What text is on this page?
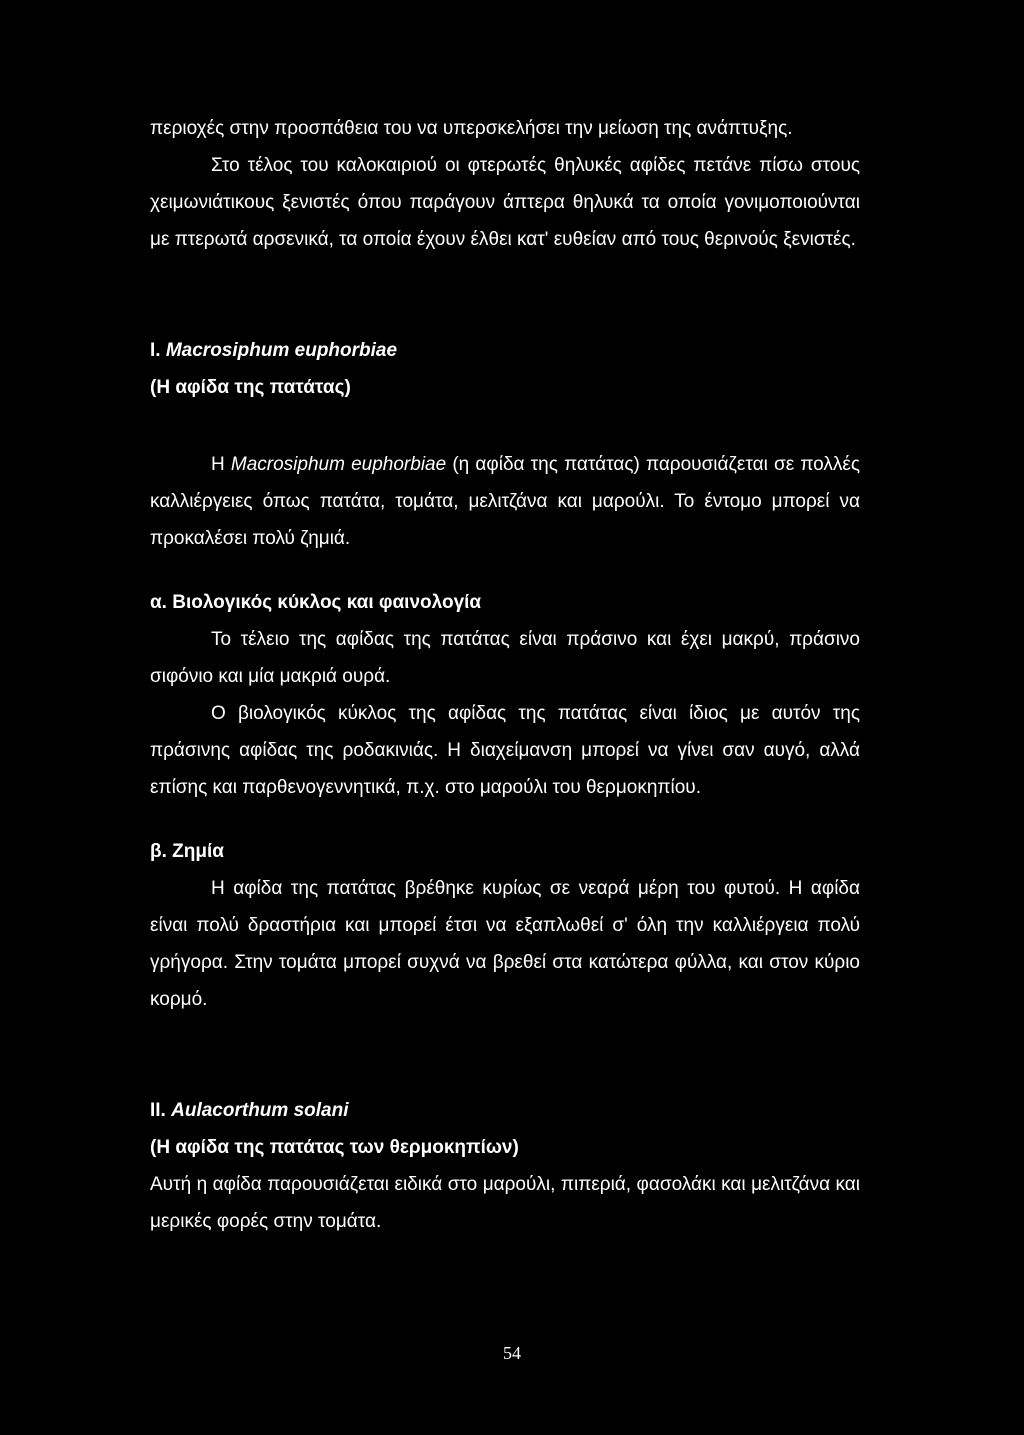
περιοχές στην προσπάθεια του να υπερσκελήσει την μείωση της ανάπτυξης.

Στο τέλος του καλοκαιριού οι φτερωτές θηλυκές αφίδες πετάνε πίσω στους χειμωνιάτικους ξενιστές όπου παράγουν άπτερα θηλυκά τα οποία γονιμοποιούνται με πτερωτά αρσενικά, τα οποία έχουν έλθει κατ' ευθείαν από τους θερινούς ξενιστές.

I. Macrosiphum euphorbiae

(Η αφίδα της πατάτας)

Η Macrosiphum euphorbiae (η αφίδα της πατάτας) παρουσιάζεται σε πολλές καλλιέργειες όπως πατάτα, τομάτα, μελιτζάνα και μαρούλι. Το έντομο μπορεί να προκαλέσει πολύ ζημιά.

α. Βιολογικός κύκλος και φαινολογία

Το τέλειο της αφίδας της πατάτας είναι πράσινο και έχει μακρύ, πράσινο σιφόνιο και μία μακριά ουρά.

Ο βιολογικός κύκλος της αφίδας της πατάτας είναι ίδιος με αυτόν της πράσινης αφίδας της ροδακινιάς. Η διαχείμανση μπορεί να γίνει σαν αυγό, αλλά επίσης και παρθενογεννητικά, π.χ. στο μαρούλι του θερμοκηπίου.

β. Ζημία

Η αφίδα της πατάτας βρέθηκε κυρίως σε νεαρά μέρη του φυτού. Η αφίδα είναι πολύ δραστήρια και μπορεί έτσι να εξαπλωθεί σ' όλη την καλλιέργεια πολύ γρήγορα. Στην τομάτα μπορεί συχνά να βρεθεί στα κατώτερα φύλλα, και στον κύριο κορμό.

II. Aulacorthum solani

(Η αφίδα της πατάτας των θερμοκηπίων)

Αυτή η αφίδα παρουσιάζεται ειδικά στο μαρούλι, πιπεριά, φασολάκι και μελιτζάνα και μερικές φορές στην τομάτα.

54
